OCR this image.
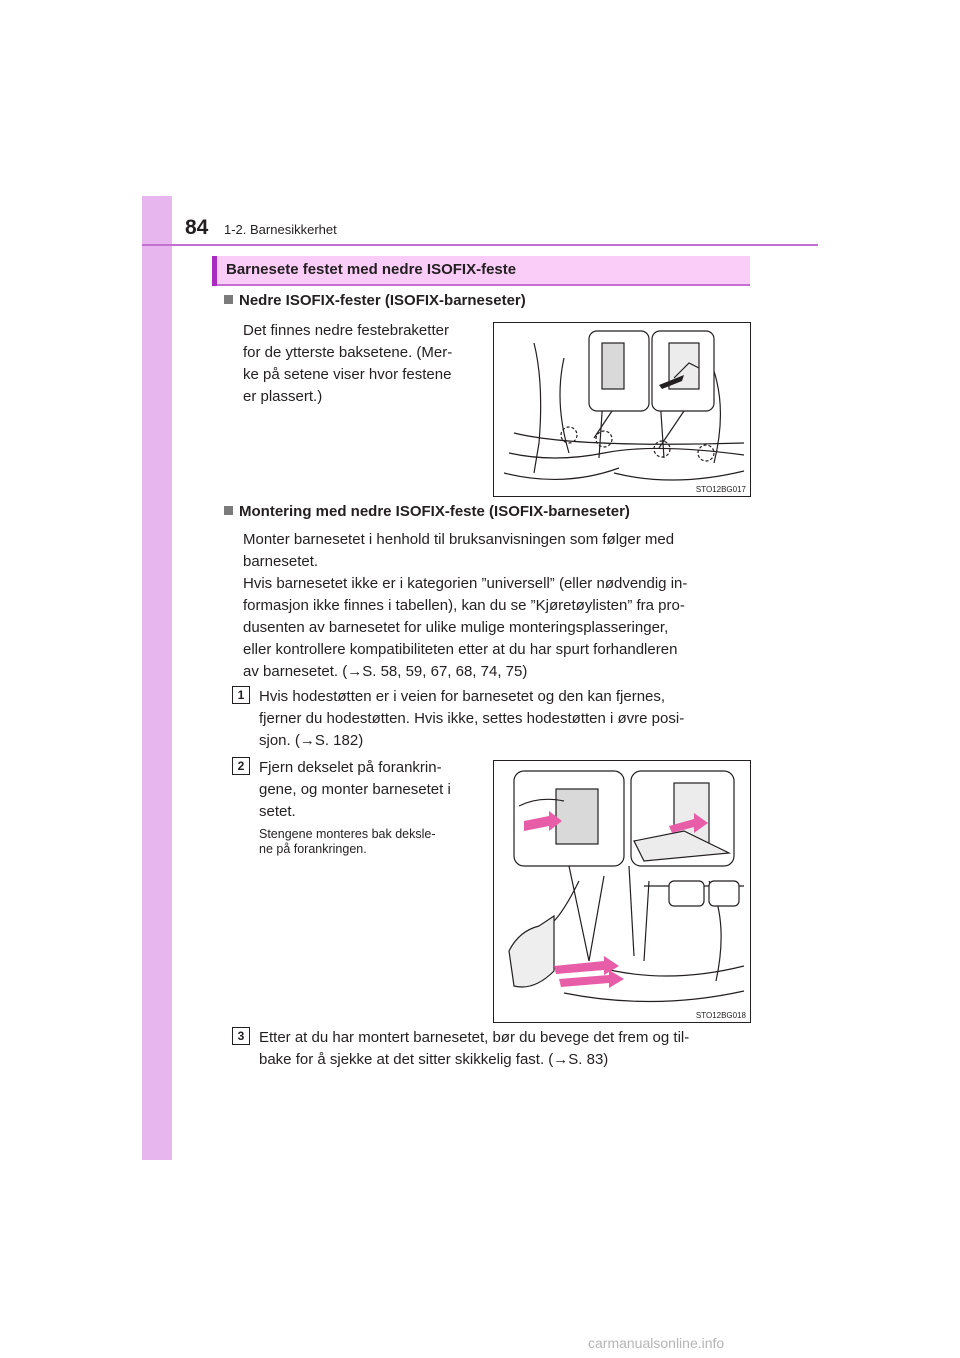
84 1-2. Barnesikkerhet
Barnesete festet med nedre ISOFIX-feste
Nedre ISOFIX-fester (ISOFIX-barneseter)
Det finnes nedre festebraketter
for de ytterste baksetene. (Mer-
ke på setene viser hvor festene
er plassert.)
STO12BG017
Montering med nedre ISOFIX-feste (ISOFIX-barneseter)
Monter barnesetet i henhold til bruksanvisningen som følger med
barnesetet.
Hvis barnesetet ikke er i kategorien ”universell” (eller nødvendig in-
formasjon ikke finnes i tabellen), kan du se ”Kjøretøylisten” fra pro-
dusenten av barnesetet for ulike mulige monteringsplasseringer,
eller kontrollere kompatibiliteten etter at du har spurt forhandleren
av barnesetet. (→S. 58, 59, 67, 68, 74, 75)
1 Hvis hodestøtten er i veien for barnesetet og den kan fjernes,
fjerner du hodestøtten. Hvis ikke, settes hodestøtten i øvre posi-
sjon. (→S. 182)
2 Fjern dekselet på forankrin-
gene, og monter barnesetet i
setet.
Stengene monteres bak deksle-
ne på forankringen.
STO12BG018
3 Etter at du har montert barnesetet, bør du bevege det frem og til-
bake for å sjekke at det sitter skikkelig fast. (→S. 83)
carmanualsonline.info
